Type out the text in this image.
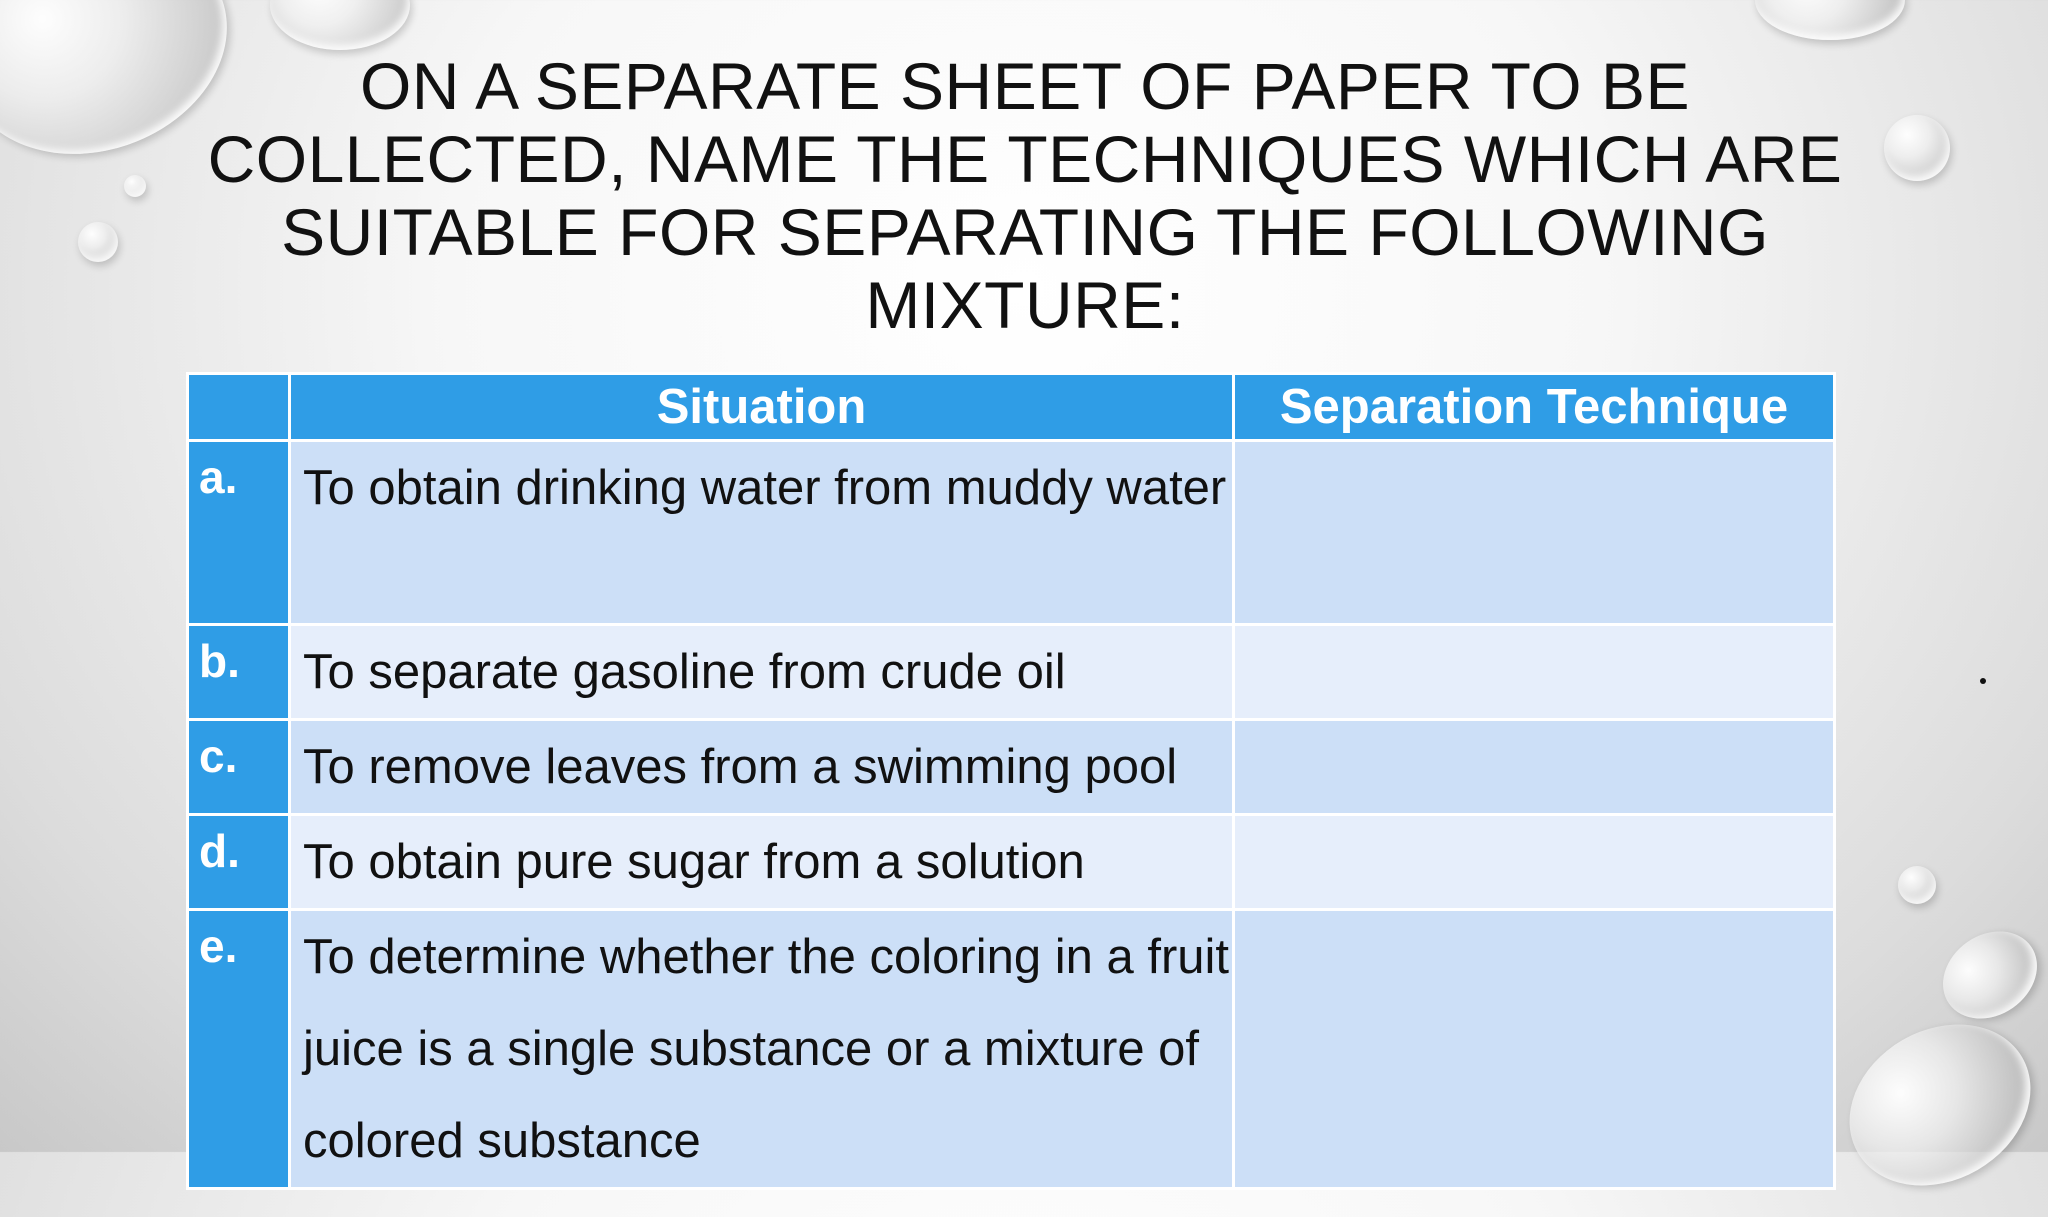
ON A SEPARATE SHEET OF PAPER TO BE COLLECTED, NAME THE TECHNIQUES WHICH ARE SUITABLE FOR SEPARATING THE FOLLOWING MIXTURE:
	Situation	Separation Technique
a.	To obtain drinking water from muddy water	
b.	To separate gasoline from crude oil	
c.	To remove leaves from a swimming pool	
d.	To obtain pure sugar from a solution	
e.	To determine whether the coloring in a fruit juice is a single substance or a mixture of colored substance	
